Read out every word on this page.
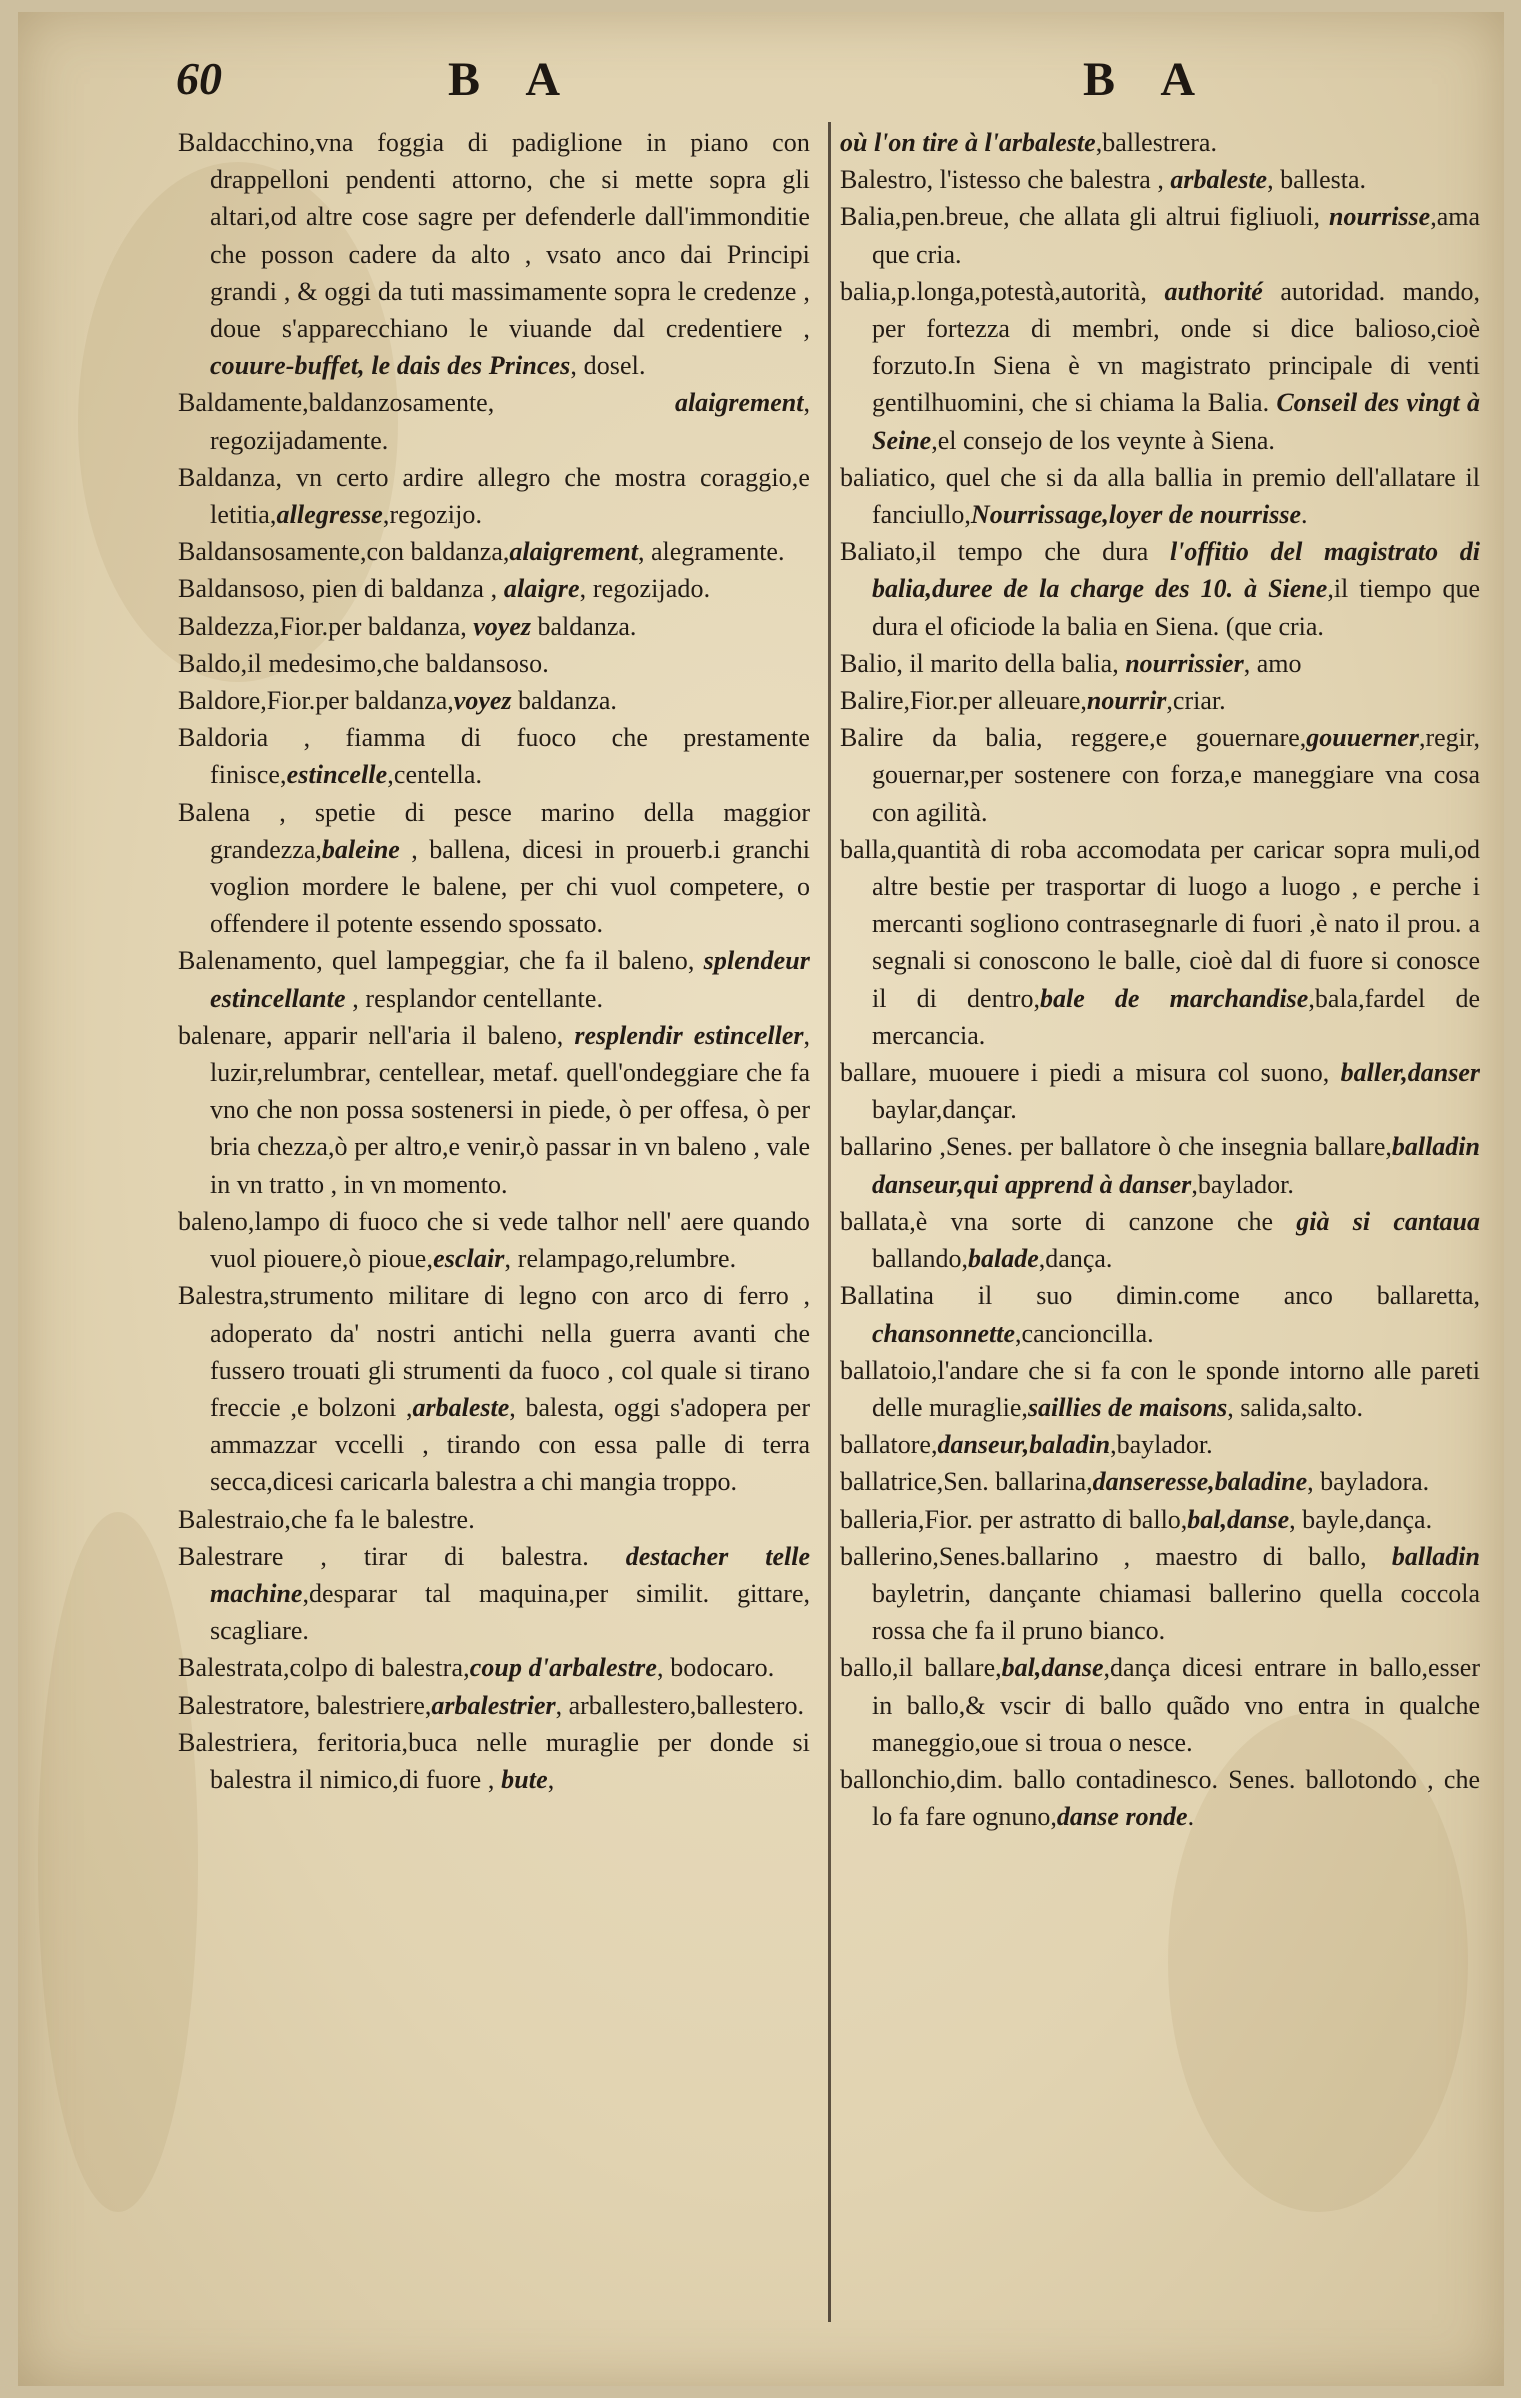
60	B A	B A

Baldacchino,vna foggia di padiglione in piano con drappelloni pendenti attorno, che si mette sopra gli altari,od altre cose sagre per defenderle dall'immonditie che posson cadere da alto , vsato anco dai Principi grandi , & oggi da tuti massimamente sopra le credenze , doue s'apparecchiano le viuande dal credentiere , couure-buffet, le dais des Princes, dosel.

Baldamente,baldanzosamente, alaigrement, regozijadamente.

Baldanza, vn certo ardire allegro che mostra coraggio,e letitia,allegresse,regozijo.

Baldansosamente,con baldanza,alaigrement, alegramente.

Baldansoso, pien di baldanza , alaigre, regozijado.

Baldezza,Fior.per baldanza, voyez baldanza.

Baldo,il medesimo,che baldansoso.

Baldore,Fior.per baldanza,voyez baldanza.

Baldoria , fiamma di fuoco che prestamente finisce,estincelle,centella.

Balena , spetie di pesce marino della maggior grandezza,baleine , ballena, dicesi in prouerb.i granchi voglion mordere le balene, per chi vuol competere, o offendere il potente essendo spossato.

Balenamento, quel lampeggiar, che fa il baleno, splendeur estincellante , resplandor centellante.

balenare, apparir nell'aria il baleno, resplendir estinceller, luzir,relumbrar, centellear, metaf. quell'ondeggiare che fa vno che non possa sostenersi in piede, ò per offesa, ò per bria chezza,ò per altro,e venir,ò passar in vn baleno , vale in vn tratto , in vn momento.

baleno,lampo di fuoco che si vede talhor nell' aere quando vuol piouere,ò pioue,esclair, relampago,relumbre.

Balestra,strumento militare di legno con arco di ferro , adoperato da' nostri antichi nella guerra avanti che fussero trouati gli strumenti da fuoco , col quale si tirano freccie ,e bolzoni ,arbaleste, balesta, oggi s'adopera per ammazzar vccelli , tirando con essa palle di terra secca,dicesi caricarla balestra a chi mangia troppo.

Balestraio,che fa le balestre.

Balestrare , tirar di balestra. destacher telle machine,desparar tal maquina,per similit. gittare, scagliare.

Balestrata,colpo di balestra,coup d'arbalestre, bodocaro.

Balestratore, balestriere,arbalestrier, arballestero,ballestero.

Balestriera, feritoria,buca nelle muraglie per donde si balestra il nimico,di fuore , bute,

où l'on tire à l'arbaleste,ballestrera.

Balestro, l'istesso che balestra , arbaleste, ballesta.

Balia,pen.breue, che allata gli altrui figliuoli, nourrisse,ama que cria.

balia,p.longa,potestà,autorità, authorité autoridad. mando, per fortezza di membri, onde si dice balioso,cioè forzuto.In Siena è vn magistrato principale di venti gentilhuomini, che si chiama la Balia. Conseil des vingt à Seine,el consejo de los veynte à Siena.

baliatico, quel che si da alla ballia in premio dell'allatare il fanciullo,Nourrissage,loyer de nourrisse.

Baliato,il tempo che dura l'offitio del magistrato di balia,duree de la charge des 10. à Siene,il tiempo que dura el oficiode la balia en Siena. (que cria.

Balio, il marito della balia, nourrissier, amo

Balire,Fior.per alleuare,nourrir,criar.

Balire da balia, reggere,e gouernare,gouuerner,regir, gouernar,per sostenere con forza,e maneggiare vna cosa con agilità.

balla,quantità di roba accomodata per caricar sopra muli,od altre bestie per trasportar di luogo a luogo , e perche i mercanti sogliono contrasegnarle di fuori ,è nato il prou. a segnali si conoscono le balle, cioè dal di fuore si conosce il di dentro,bale de marchandise,bala,fardel de mercancia.

ballare, muouere i piedi a misura col suono, baller,danser baylar,dançar.

ballarino ,Senes. per ballatore ò che insegnia ballare,balladin danseur,qui apprend à danser,baylador.

ballata,è vna sorte di canzone che già si cantaua ballando,balade,dança.

Ballatina il suo dimin.come anco ballaretta, chansonnette,cancioncilla.

ballatoio,l'andare che si fa con le sponde intorno alle pareti delle muraglie,saillies de maisons, salida,salto.

ballatore,danseur,baladin,baylador.

ballatrice,Sen. ballarina,danseresse,baladine, bayladora.

balleria,Fior. per astratto di ballo,bal,danse, bayle,dança.

ballerino,Senes.ballarino , maestro di ballo, balladin bayletrin, dançante chiamasi ballerino quella coccola rossa che fa il pruno bianco.

ballo,il ballare,bal,danse,dança dicesi entrare in ballo,esser in ballo,& vscir di ballo quãdo vno entra in qualche maneggio,oue si troua o nesce.

ballonchio,dim. ballo contadinesco. Senes. ballotondo , che lo fa fare ognuno,danse ronde.
